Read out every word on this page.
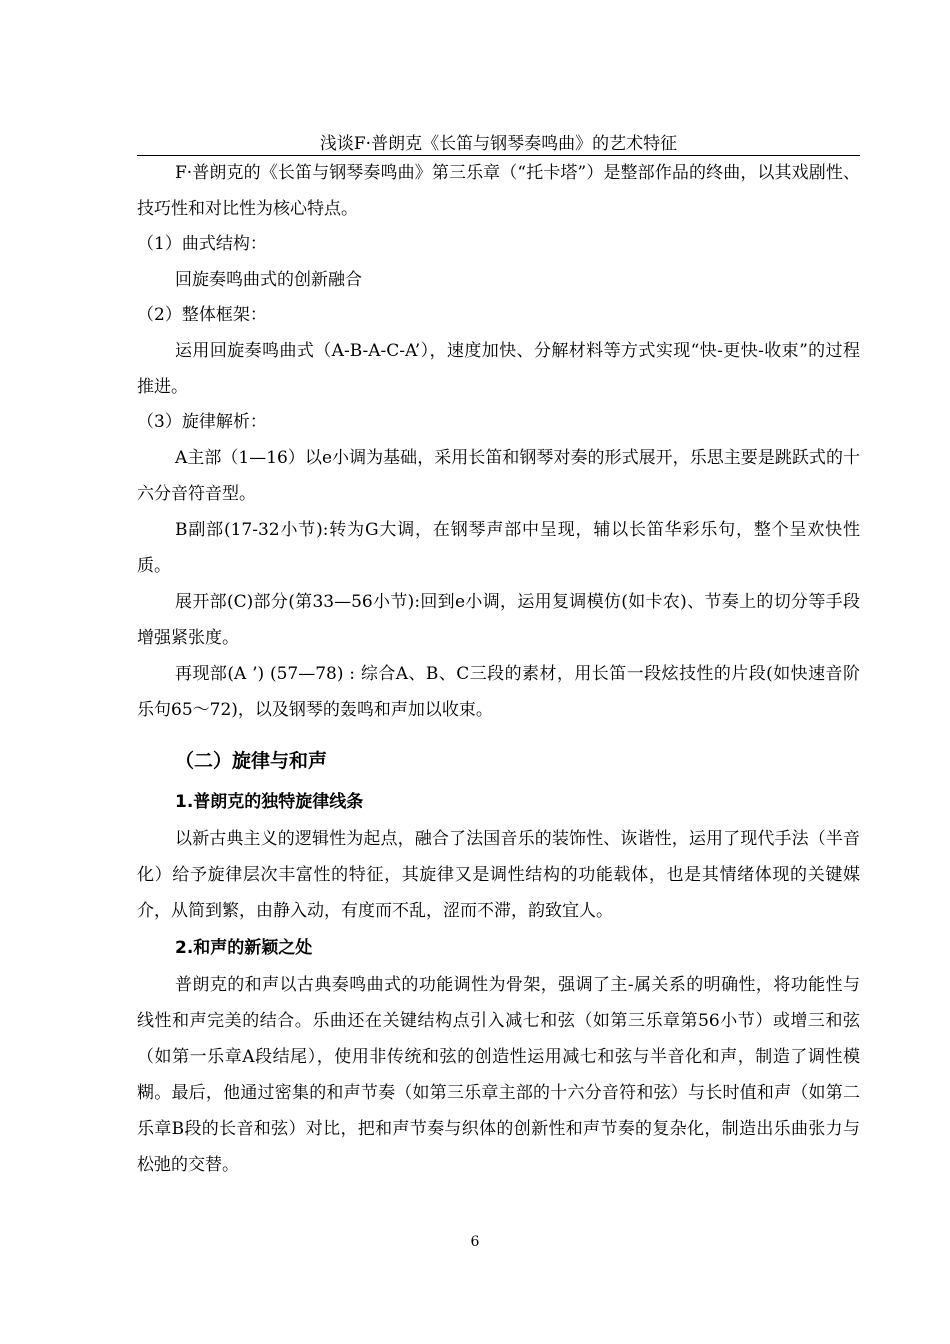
浅谈F·普朗克《长笛与钢琴奏鸣曲》的艺术特征

F·普朗克的《长笛与钢琴奏鸣曲》第三乐章（“托卡塔”）是整部作品的终曲，以其戏剧性、技巧性和对比性为核心特点。

（1）曲式结构：

回旋奏鸣曲式的创新融合

（2）整体框架：

运用回旋奏鸣曲式（A-B-A-C-A’），速度加快、分解材料等方式实现“快-更快-收束”的过程推进。

（3）旋律解析：

A主部（1—16）以e小调为基础，采用长笛和钢琴对奏的形式展开，乐思主要是跳跃式的十六分音符音型。

B副部(17-32小节):转为G大调，在钢琴声部中呈现，辅以长笛华彩乐句，整个呈欢快性质。

展开部(C)部分(第33—56小节):回到e小调，运用复调模仿(如卡农)、节奏上的切分等手段增强紧张度。

再现部(A ’) (57—78) : 综合A、B、C三段的素材，用长笛一段炫技性的片段(如快速音阶乐句65～72)，以及钢琴的轰鸣和声加以收束。

（二）旋律与和声

1.普朗克的独特旋律线条

以新古典主义的逻辑性为起点，融合了法国音乐的装饰性、诙谐性，运用了现代手法（半音化）给予旋律层次丰富性的特征，其旋律又是调性结构的功能载体，也是其情绪体现的关键媒介，从简到繁，由静入动，有度而不乱，涩而不滞，韵致宜人。

2.和声的新颖之处

普朗克的和声以古典奏鸣曲式的功能调性为骨架，强调了主-属关系的明确性，将功能性与线性和声完美的结合。乐曲还在关键结构点引入减七和弦（如第三乐章第56小节）或增三和弦（如第一乐章A段结尾），使用非传统和弦的创造性运用减七和弦与半音化和声，制造了调性模糊。最后，他通过密集的和声节奏（如第三乐章主部的十六分音符和弦）与长时值和声（如第二乐章B段的长音和弦）对比，把和声节奏与织体的创新性和声节奏的复杂化，制造出乐曲张力与松弛的交替。

6
